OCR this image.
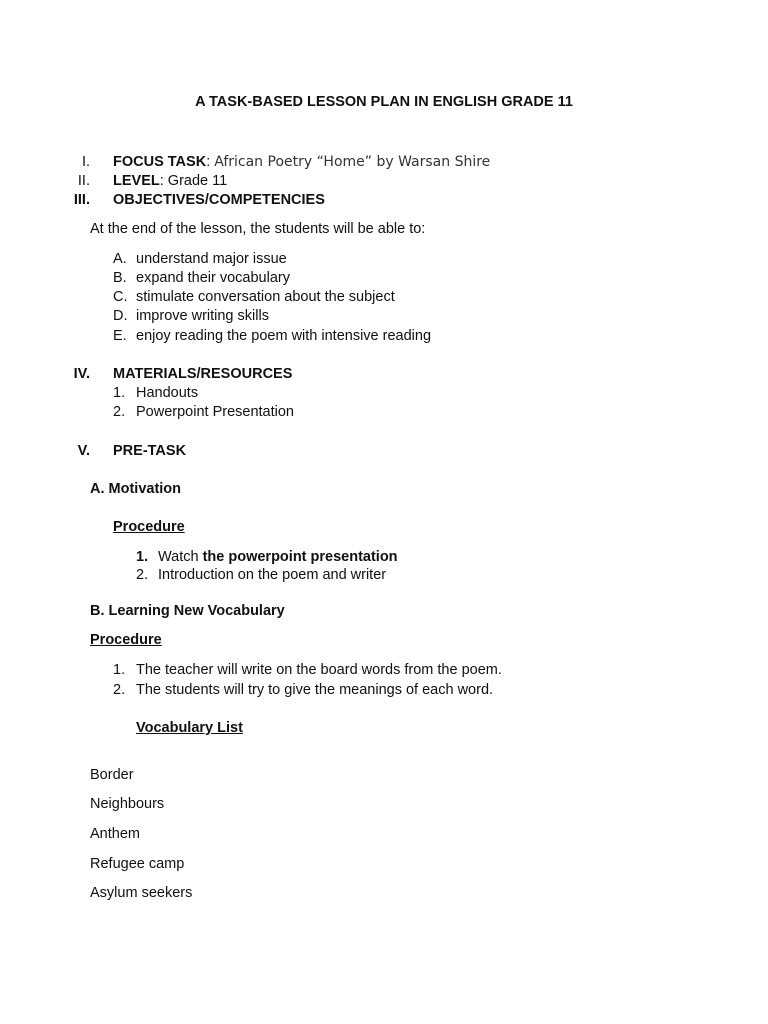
A TASK-BASED LESSON PLAN IN ENGLISH GRADE 11
I. FOCUS TASK: African Poetry “Home” by Warsan Shire
II. LEVEL: Grade 11
III. OBJECTIVES/COMPETENCIES
At the end of the lesson, the students will be able to:
A. understand major issue
B. expand their vocabulary
C. stimulate conversation about the subject
D. improve writing skills
E. enjoy reading the poem with intensive reading
IV. MATERIALS/RESOURCES
1. Handouts
2. Powerpoint Presentation
V. PRE-TASK
A. Motivation
Procedure
1. Watch the powerpoint presentation
2. Introduction on the poem and writer
B. Learning New Vocabulary
Procedure
1. The teacher will write on the board words from the poem.
2. The students will try to give the meanings of each word.
Vocabulary List
Border
Neighbours
Anthem
Refugee camp
Asylum seekers
